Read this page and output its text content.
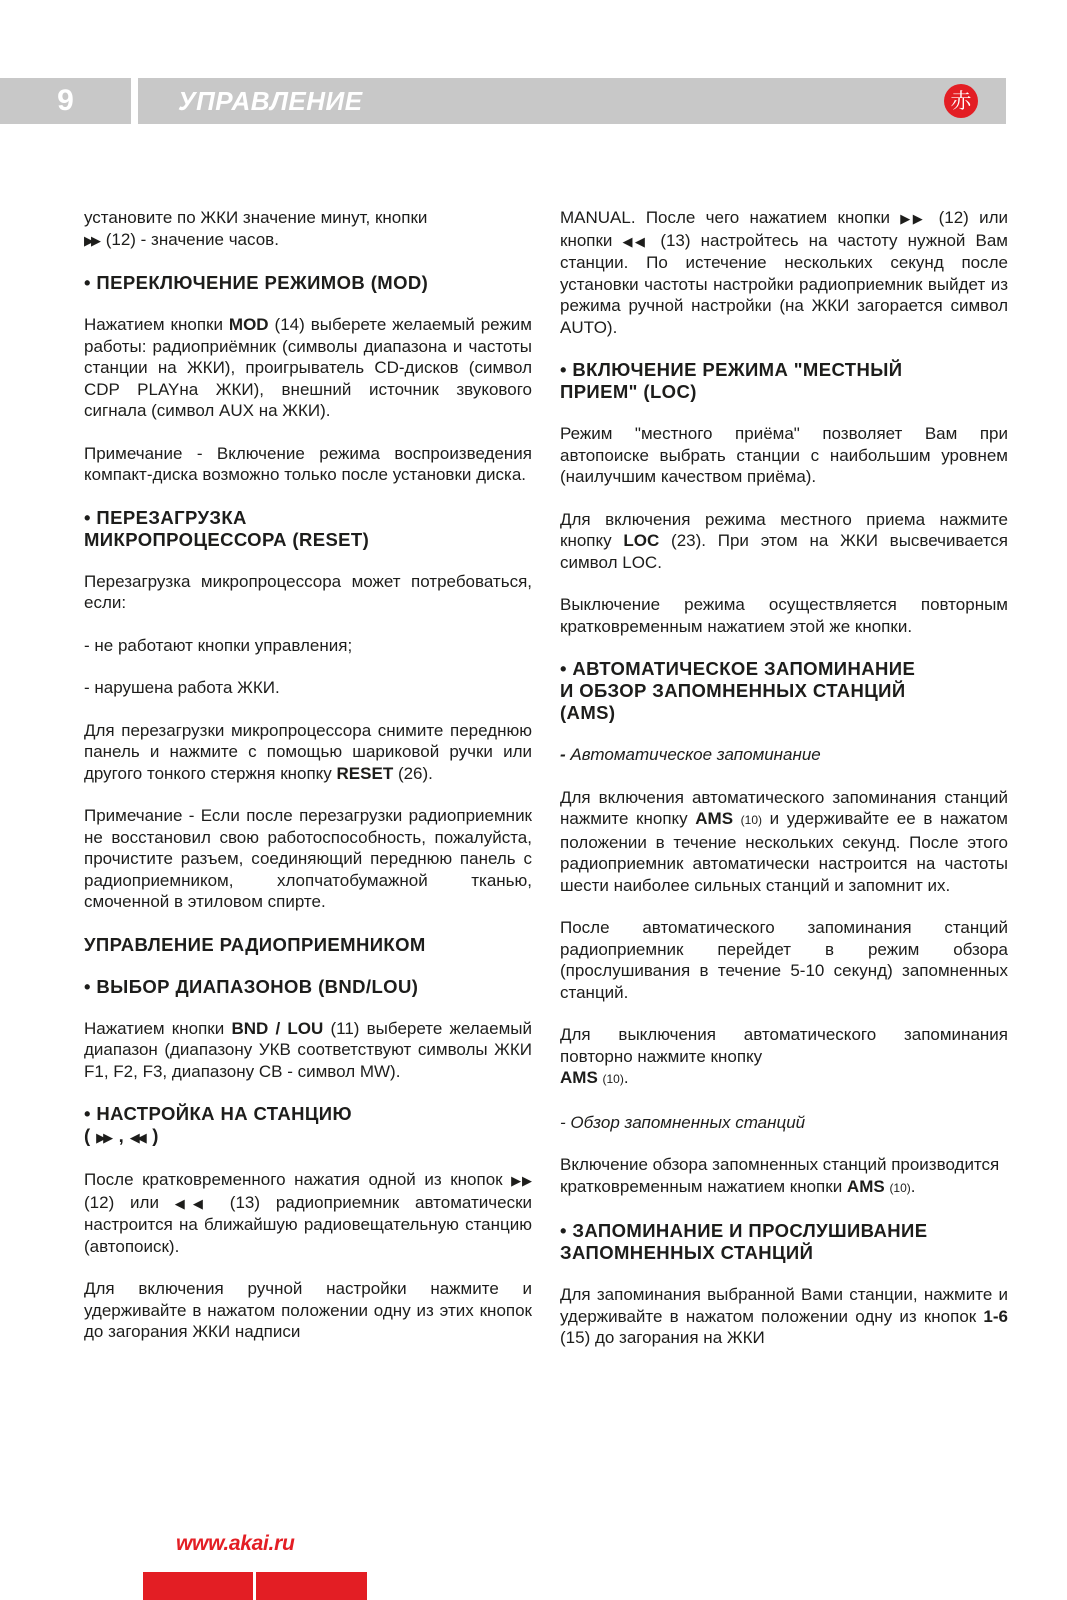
9	УПРАВЛЕНИЕ	赤

установите по ЖКИ значение минут, кнопки
▶▶ (12) - значение часов.

• ПЕРЕКЛЮЧЕНИЕ РЕЖИМОВ (MOD)

Нажатием кнопки MOD (14) выберете желаемый режим работы: радиоприёмник (символы диапазона и частоты станции на ЖКИ), проигрыватель CD-дисков (символ CDP PLAYна ЖКИ), внешний источник звукового сигнала (символ AUX на ЖКИ).

Примечание - Включение режима воспроизведения компакт-диска возможно только после установки диска.

• ПЕРЕЗАГРУЗКА
МИКРОПРОЦЕССОРА (RESET)

Перезагрузка микропроцессора может потребоваться, если:

- не работают кнопки управления;

- нарушена работа ЖКИ.

Для перезагрузки микропроцессора снимите переднюю панель и нажмите с помощью шариковой ручки или другого тонкого стержня кнопку RESET (26).

Примечание - Если после перезагрузки радиоприемник не восстановил свою работоспособность, пожалуйста, прочистите разъем, соединяющий переднюю панель с радиоприемником, хлопчатобумажной тканью, смоченной в этиловом спирте.

УПРАВЛЕНИЕ РАДИОПРИЕМНИКОМ
• ВЫБОР ДИАПАЗОНОВ (BND/LOU)

Нажатием кнопки BND / LOU (11) выберете желаемый диапазон (диапазону УКВ соответствуют символы ЖКИ F1, F2, F3, диапазону CB - символ MW).

• НАСТРОЙКА НА СТАНЦИЮ
( ▶▶ , ◀◀ )

После кратковременного нажатия одной из кнопок ▶▶ (12) или ◀◀ (13) радиоприемник автоматически настроится на ближайшую радиовещательную станцию (автопоиск).

Для включения ручной настройки нажмите и удерживайте в нажатом положении одну из этих кнопок до загорания ЖКИ надписи

MANUAL. После чего нажатием кнопки ▶▶ (12) или кнопки ◀◀ (13) настройтесь на частоту нужной Вам станции. По истечение нескольких секунд после установки частоты настройки радиоприемник выйдет из режима ручной настройки (на ЖКИ загорается символ AUTO).

• ВКЛЮЧЕНИЕ РЕЖИМА "МЕСТНЫЙ
ПРИЕМ" (LOC)

Режим "местного приёма" позволяет Вам при автопоиске выбрать станции с наибольшим уровнем (наилучшим качеством приёма).

Для включения режима местного приема нажмите кнопку LOC (23). При этом на ЖКИ высвечивается символ LOC.

Выключение режима осуществляется повторным кратковременным нажатием этой же кнопки.

• АВТОМАТИЧЕСКОЕ ЗАПОМИНАНИЕ
И ОБЗОР ЗАПОМНЕННЫХ СТАНЦИЙ
(AMS)

- Автоматическое запоминание

Для включения автоматического запоминания станций нажмите кнопку AMS (10) и удерживайте ее в нажатом положении в течение нескольких секунд. После этого радиоприемник автоматически настроится на частоты шести наиболее сильных станций и запомнит их.

После автоматического запоминания станций радиоприемник перейдет в режим обзора (прослушивания в течение 5-10 секунд) запомненных станций.

Для выключения автоматического запоминания повторно нажмите кнопку
AMS (10).

- Обзор запомненных станций

Включение обзора запомненных станций производится кратковременным нажатием кнопки AMS (10).

• ЗАПОМИНАНИЕ И ПРОСЛУШИВАНИЕ
ЗАПОМНЕННЫХ СТАНЦИЙ

Для запоминания выбранной Вами станции, нажмите и удерживайте в нажатом положении одну из кнопок 1-6 (15) до загорания на ЖКИ

www.akai.ru
